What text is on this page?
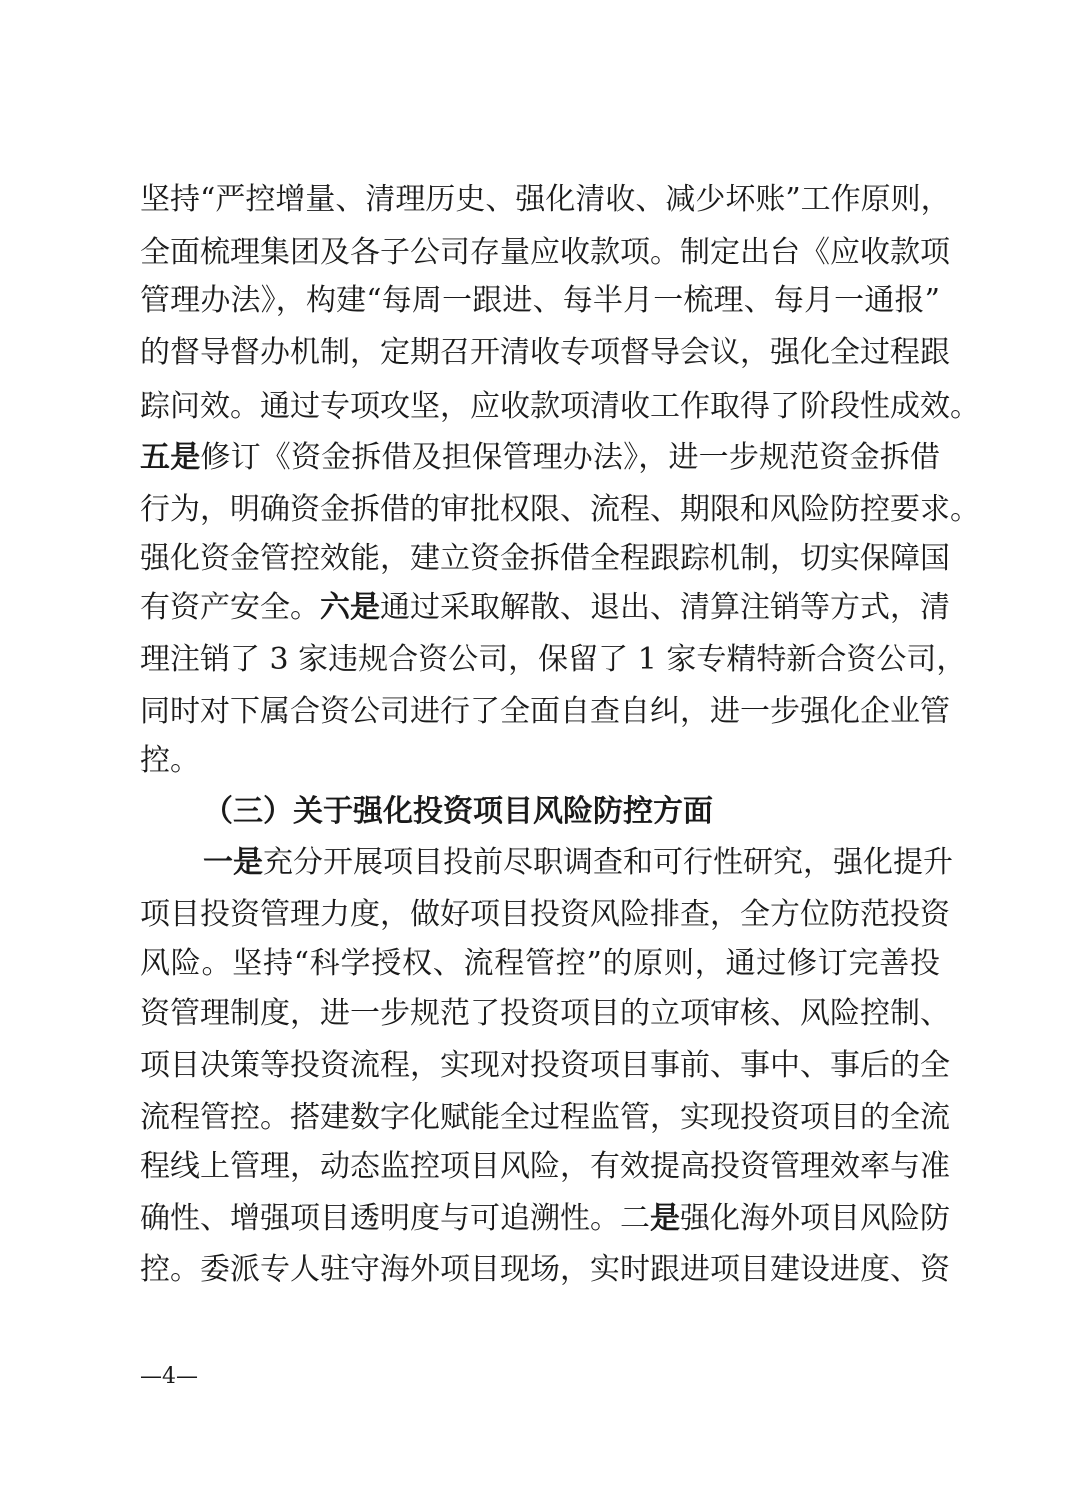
坚持“严控增量、清理历史、强化清收、减少坏账”工作原则，
全面梳理集团及各子公司存量应收款项。制定出台《应收款项
管理办法》，构建“每周一跟进、每半月一梳理、每月一通报”
的督导督办机制，定期召开清收专项督导会议，强化全过程跟
踪问效。通过专项攻坚，应收款项清收工作取得了阶段性成效。
五是修订《资金拆借及担保管理办法》，进一步规范资金拆借
行为，明确资金拆借的审批权限、流程、期限和风险防控要求。
强化资金管控效能，建立资金拆借全程跟踪机制，切实保障国
有资产安全。六是通过采取解散、退出、清算注销等方式，清
理注销了 3 家违规合资公司，保留了 1 家专精特新合资公司，
同时对下属合资公司进行了全面自查自纠，进一步强化企业管
控。
（三）关于强化投资项目风险防控方面
一是充分开展项目投前尽职调查和可行性研究，强化提升
项目投资管理力度，做好项目投资风险排查，全方位防范投资
风险。坚持“科学授权、流程管控”的原则，通过修订完善投
资管理制度，进一步规范了投资项目的立项审核、风险控制、
项目决策等投资流程，实现对投资项目事前、事中、事后的全
流程管控。搭建数字化赋能全过程监管，实现投资项目的全流
程线上管理，动态监控项目风险，有效提高投资管理效率与准
确性、增强项目透明度与可追溯性。二是强化海外项目风险防
控。委派专人驻守海外项目现场，实时跟进项目建设进度、资
—4—
